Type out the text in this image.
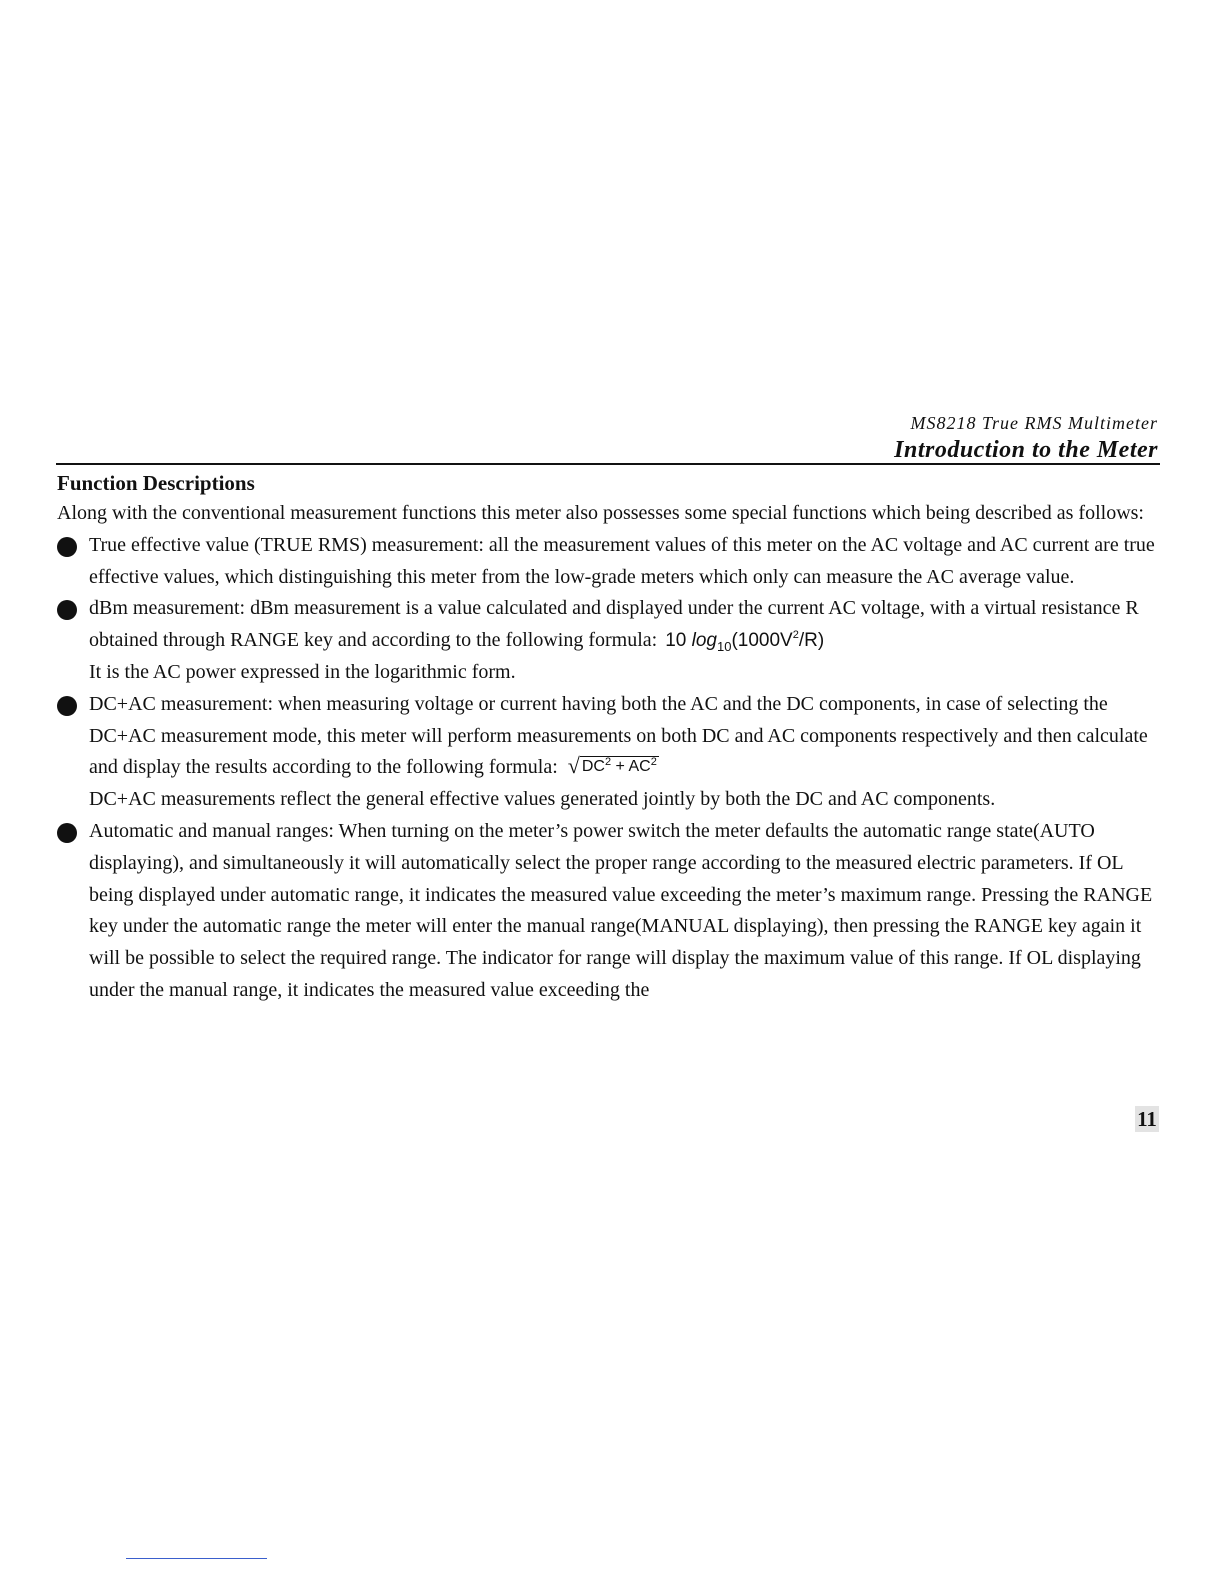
MS8218 True RMS Multimeter
Introduction to the Meter
Function Descriptions

Along with the conventional measurement functions this meter also possesses some special functions which being described as follows:

True effective value (TRUE RMS) measurement: all the measurement values of this meter on the AC voltage and AC current are true effective values, which distinguishing this meter from the low-grade meters which only can measure the AC average value.

dBm measurement: dBm measurement is a value calculated and displayed under the current AC voltage, with a virtual resistance R obtained through RANGE key and according to the following formula: 10 $\log_{10}(1000V^2/R)$

It is the AC power expressed in the logarithmic form.

DC+AC measurement: when measuring voltage or current having both the AC and the DC components, in case of selecting the DC+AC measurement mode, this meter will perform measurements on both DC and AC components respectively and then calculate and display the results according to the following formula: √ $DC^2 + AC^2$

DC+AC measurements reflect the general effective values generated jointly by both the DC and AC components.

Automatic and manual ranges: When turning on the meter’s power switch the meter defaults the automatic range state(AUTO displaying), and simultaneously it will automatically select the proper range according to the measured electric parameters. If OL being displayed under automatic range, it indicates the measured value exceeding the meter’s maximum range. Pressing the RANGE key under the automatic range the meter will enter the manual range(MANUAL displaying), then pressing the RANGE key again it will be possible to select the required range. The indicator for range will display the maximum value of this range. If OL displaying under the manual range, it indicates the measured value exceeding the

11
